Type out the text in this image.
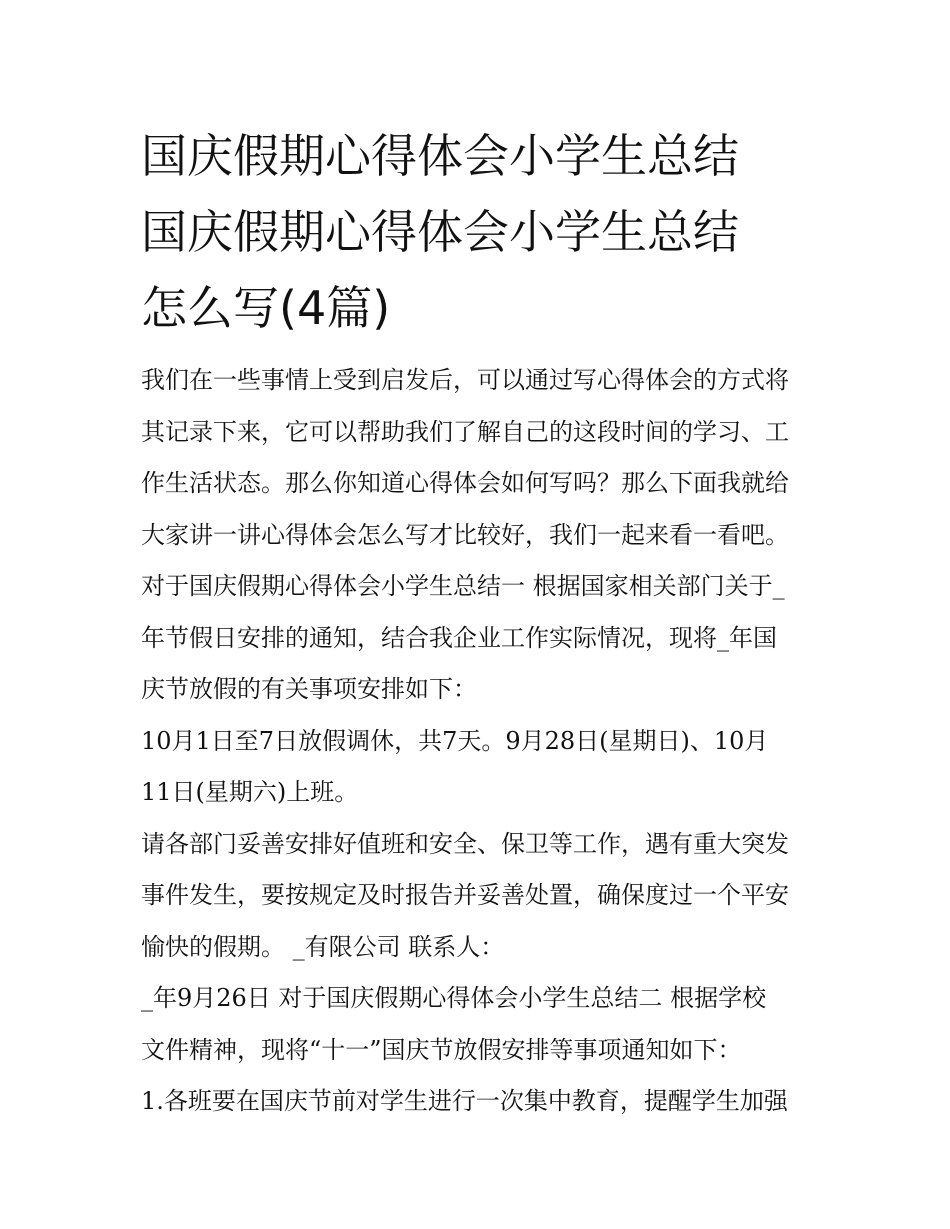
国庆假期心得体会小学生总结
国庆假期心得体会小学生总结
怎么写(4篇)
我们在一些事情上受到启发后，可以通过写心得体会的方式将
其记录下来，它可以帮助我们了解自己的这段时间的学习、工
作生活状态。那么你知道心得体会如何写吗？那么下面我就给
大家讲一讲心得体会怎么写才比较好，我们一起来看一看吧。
对于国庆假期心得体会小学生总结一 根据国家相关部门关于_
年节假日安排的通知，结合我企业工作实际情况，现将_年国
庆节放假的有关事项安排如下：
10月1日至7日放假调休，共7天。9月28日(星期日)、10月
11日(星期六)上班。
请各部门妥善安排好值班和安全、保卫等工作，遇有重大突发
事件发生，要按规定及时报告并妥善处置，确保度过一个平安
愉快的假期。 _有限公司 联系人：
_年9月26日 对于国庆假期心得体会小学生总结二 根据学校
文件精神，现将“十一”国庆节放假安排等事项通知如下：
1.各班要在国庆节前对学生进行一次集中教育，提醒学生加强
